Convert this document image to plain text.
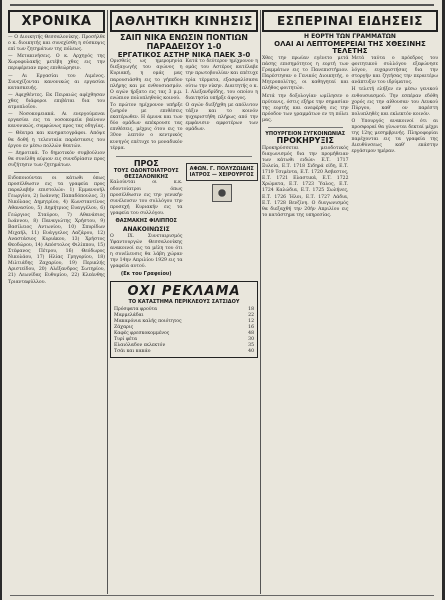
ΧΡΟΝΙΚΑ

— Ο Διοικητής Θεσσαλονίκης. Προσήλθε ο κ. διοικητής και συνεχίσθη η σύσκεψις επί των ζητημάτων της πόλεως.

— Μετακινήσεις. Ο κ. Αρχηγός της Χωροφυλακής μετέβη χθες εις την περιφέρειαν προς επιθεώρησιν.

— Αι Εργασίαι του Λιμένος. Συνεχίζονται κανονικώς αι εργασίαι κατασκευής.

— Αφιχθέντες. Εκ Πειραιώς αφίχθησαν χθες διάφοροι επιβάται δια του ατμοπλοΐου.

— Νοσοκομειακά. Αι ενεργούμεναι εργασίαι εις τα νοσοκομεία βαίνουν κανονικώς, συμφώνως προς τας οδηγίας.

— Θέατρα και κινηματογράφοι. Απόψε θα δοθή η τελευταία παράστασις του έργου εν μέσω πολλών θεατών.

— Δημοτικά. Το δημοτικόν συμβούλιον θα συνέλθη αύριον εις συνεδρίασιν προς συζήτησιν των ζητημάτων.

Ειδοποιούνται οι κάτωθι όπως προσέλθωσιν εις τα γραφεία προς παραλαβήν επιστολών: 1) Εμμανουήλ Γεωργίου, 2) Ιωάννης Παπαδόπουλος, 3) Νικόλαος Δημητρίου, 4) Κωνσταντίνος Αθανασίου, 5) Δημήτριος Ευαγγέλου, 6) Γεώργιος Σταύρου, 7) Αθανάσιος Ιωάννου, 8) Παναγιώτης Χρήστου, 9) Βασίλειος Αντωνίου, 10) Σπυρίδων Μιχαήλ, 11) Ευάγγελος Λαζάρου, 12) Αναστάσιος Κυριάκου, 13) Χρήστος Θεοδώρου, 14) Απόστολος Φιλίππου, 15) Στέφανος Πέτρου, 16) Θεόδωρος Νικολάου, 17) Ηλίας Γρηγορίου, 18) Μιλτιάδης Ζαχαρίου, 19) Περικλής Αριστείδου, 20) Αλέξανδρος Σωτηρίου, 21) Λεωνίδας Ευθυμίου, 22) Κλεάνθης Τριανταφύλλου.

ΑΘΛΗΤΙΚΗ ΚΙΝΗΣΙΣ
ΣΑΙΠ ΝΙΚΑ ΕΝΩΣΙΝ ΠΟΝΤΙΩΝ ΠΑΡΑΔΕΙΣΟΥ 1-0
ΕΡΓΑΤΙΚΟΣ ΑΣΤΗΡ ΝΙΚΑ ΠΑΕΚ 3-0

Ορισθείς ως ημερομηνία διεξαγωγής του αγώνος η Κυριακή, η ομάς μας παρουσιάσθη εις το γήπεδον πλήρης και με ενθουσιασμόν. Ο αγών ήρξατο εις τας 3 μ.μ. ενώπιον πολυπληθούς κοινού.

Το πρώτον ημίχρονον υπήρξε ζωηρόν με επιθέσεις εκατέρωθεν. Η άμυνα και των δύο ομάδων απέκρουσε τας επιθέσεις, μέχρις ότου εις το 30ον λεπτόν ο κεντρικός κυνηγός επέτυχε το μοναδικόν τέρμα.

Κατά το δεύτερον ημίχρονον η ομάς του Αστέρος κατέλαβε την πρωτοβουλίαν και επέτυχε τρία τέρματα, εξασφαλίσασα ούτω την νίκην. Διαιτητής ο κ. Ι. Αλεξανδρίδης, του οποίου η διαιτησία υπήρξε άψογος.

Ο αγών διεξήχθη με απόλυτον τάξιν και το κοινόν ηυχαριστήθη πλήρως από την εμφάνισιν αμφοτέρων των ομάδων.

ΠΡΟΣ
ΤΟΥΣ ΟΔΟΝΤΟΙΑΤΡΟΥΣ ΘΕΣΣΑΛΟΝΙΚΗΣ

Καλούνται οι κ.κ. οδοντοίατροι όπως προσέλθωσιν εις την γενικήν συνέλευσιν του συλλόγου την προσεχή Κυριακήν εις τα γραφεία του συλλόγου.

ΘΑΣΜΑΚΗΣ ΦΙΛΙΠΠΟΣ
ΑΝΑΚΟΙΝΩΣΙΣ

Ο IX. Συνεταιρισμός Υφαντουργών Θεσσαλονίκης ανακοινοί εις τα μέλη του ότι η συνέλευσις θα λάβη χώραν την 14ην Απριλίου 1929 εις τα γραφεία αυτού.

(Εκ του Γραφείου)
ΑΦΩΝ. Γ. ΠΟΛΥΖΩΙΔΗΣ ΙΑΤΡΟΣ — ΧΕΙΡΟΥΡΓΟΣ
ΟΧΙ ΡΕΚΛΑΜΑ
ΤΟ ΚΑΤΑΣΤΗΜΑ ΠΕΡΙΚΛΕΟΥΣ ΣΑΤΣΙΔΟΥ
Πρόσφατα φρούτα	18
Μαρμελάδαι	22
Μακαρόνια καλής ποιότητος	12
Ζάχαρις	16
Καφές φρεσκοκομμένος	48
Τυρί φέτα	30
Ελαιόλαδον εκλεκτόν	35
Τσάι και κακάο	40
ΕΣΠΕΡΙΝΑΙ ΕΙΔΗΣΕΙΣ
Η ΕΟΡΤΗ ΤΩΝ ΓΡΑΜΜΑΤΩΝ
ΟΛΑΙ ΑΙ ΛΕΠΤΟΜΕΡΕΙΑΙ ΤΗΣ ΧΘΕΣΙΝΗΣ ΤΕΛΕΤΗΣ

Χθες την πρωίαν εγένετο μετά πάσης επισημότητος η εορτή των Γραμμάτων εις το Πανεπιστήμιον. Παρέστησαν ο Γενικός Διοικητής, ο Μητροπολίτης, οι καθηγηταί και πλήθος φοιτητών.

Μετά την δοξολογίαν ωμίλησεν ο πρύτανις, όστις εξήρε την σημασίαν της εορτής και ανεφέρθη εις την πρόοδον των γραμμάτων εν τη πόλει μας.

ΥΠΟΥΡΓΕΙΟΝ ΣΥΓΚΟΙΝΩΝΙΑΣ
ΠΡΟΚΗΡΥΞΙΣ

Προκηρύσσεται μειοδοτικός διαγωνισμός δια την προμήθειαν των κάτωθι ειδών: Ε.Τ. 1717 Ξυλεία, Ε.Τ. 1718 Σιδηρά είδη, Ε.Τ. 1719 Τσιμέντα, Ε.Τ. 1720 Άσβεστος, Ε.Τ. 1721 Ελαστικά, Ε.Τ. 1722 Χρώματα, Ε.Τ. 1723 Ύαλος, Ε.Τ. 1724 Καλώδια, Ε.Τ. 1725 Σωλήνες, Ε.Τ. 1726 Ήλοι, Ε.Τ. 1727 Λάδια, Ε.Τ. 1728 Βενζίνη. Ο διαγωνισμός θα διεξαχθή την 20ήν Απριλίου εις το κατάστημα της υπηρεσίας.

Μετά ταύτα ο πρόεδρος του φοιτητικού συλλόγου εξεφώνησε λόγον, ευχαριστήσας δια την στοργήν και ζητήσας την περαιτέρω ανάπτυξιν του ιδρύματος.

Η τελετή ελήξεν εν μέσω γενικού ενθουσιασμού. Την εσπέραν εδόθη χορός εις την αίθουσαν του Λευκού Πύργου, καθ' ον παρέστη πολυπληθές και εκλεκτόν κοινόν.

Ο Υπουργός ανακοινοί ότι αι προσφοραί θα γίνωνται δεκταί μέχρι της 12ης μεσημβρινής. Πληροφορίαι παρέχονται εις τα γραφεία της Διευθύνσεως καθ' εκάστην εργάσιμον ημέραν.
